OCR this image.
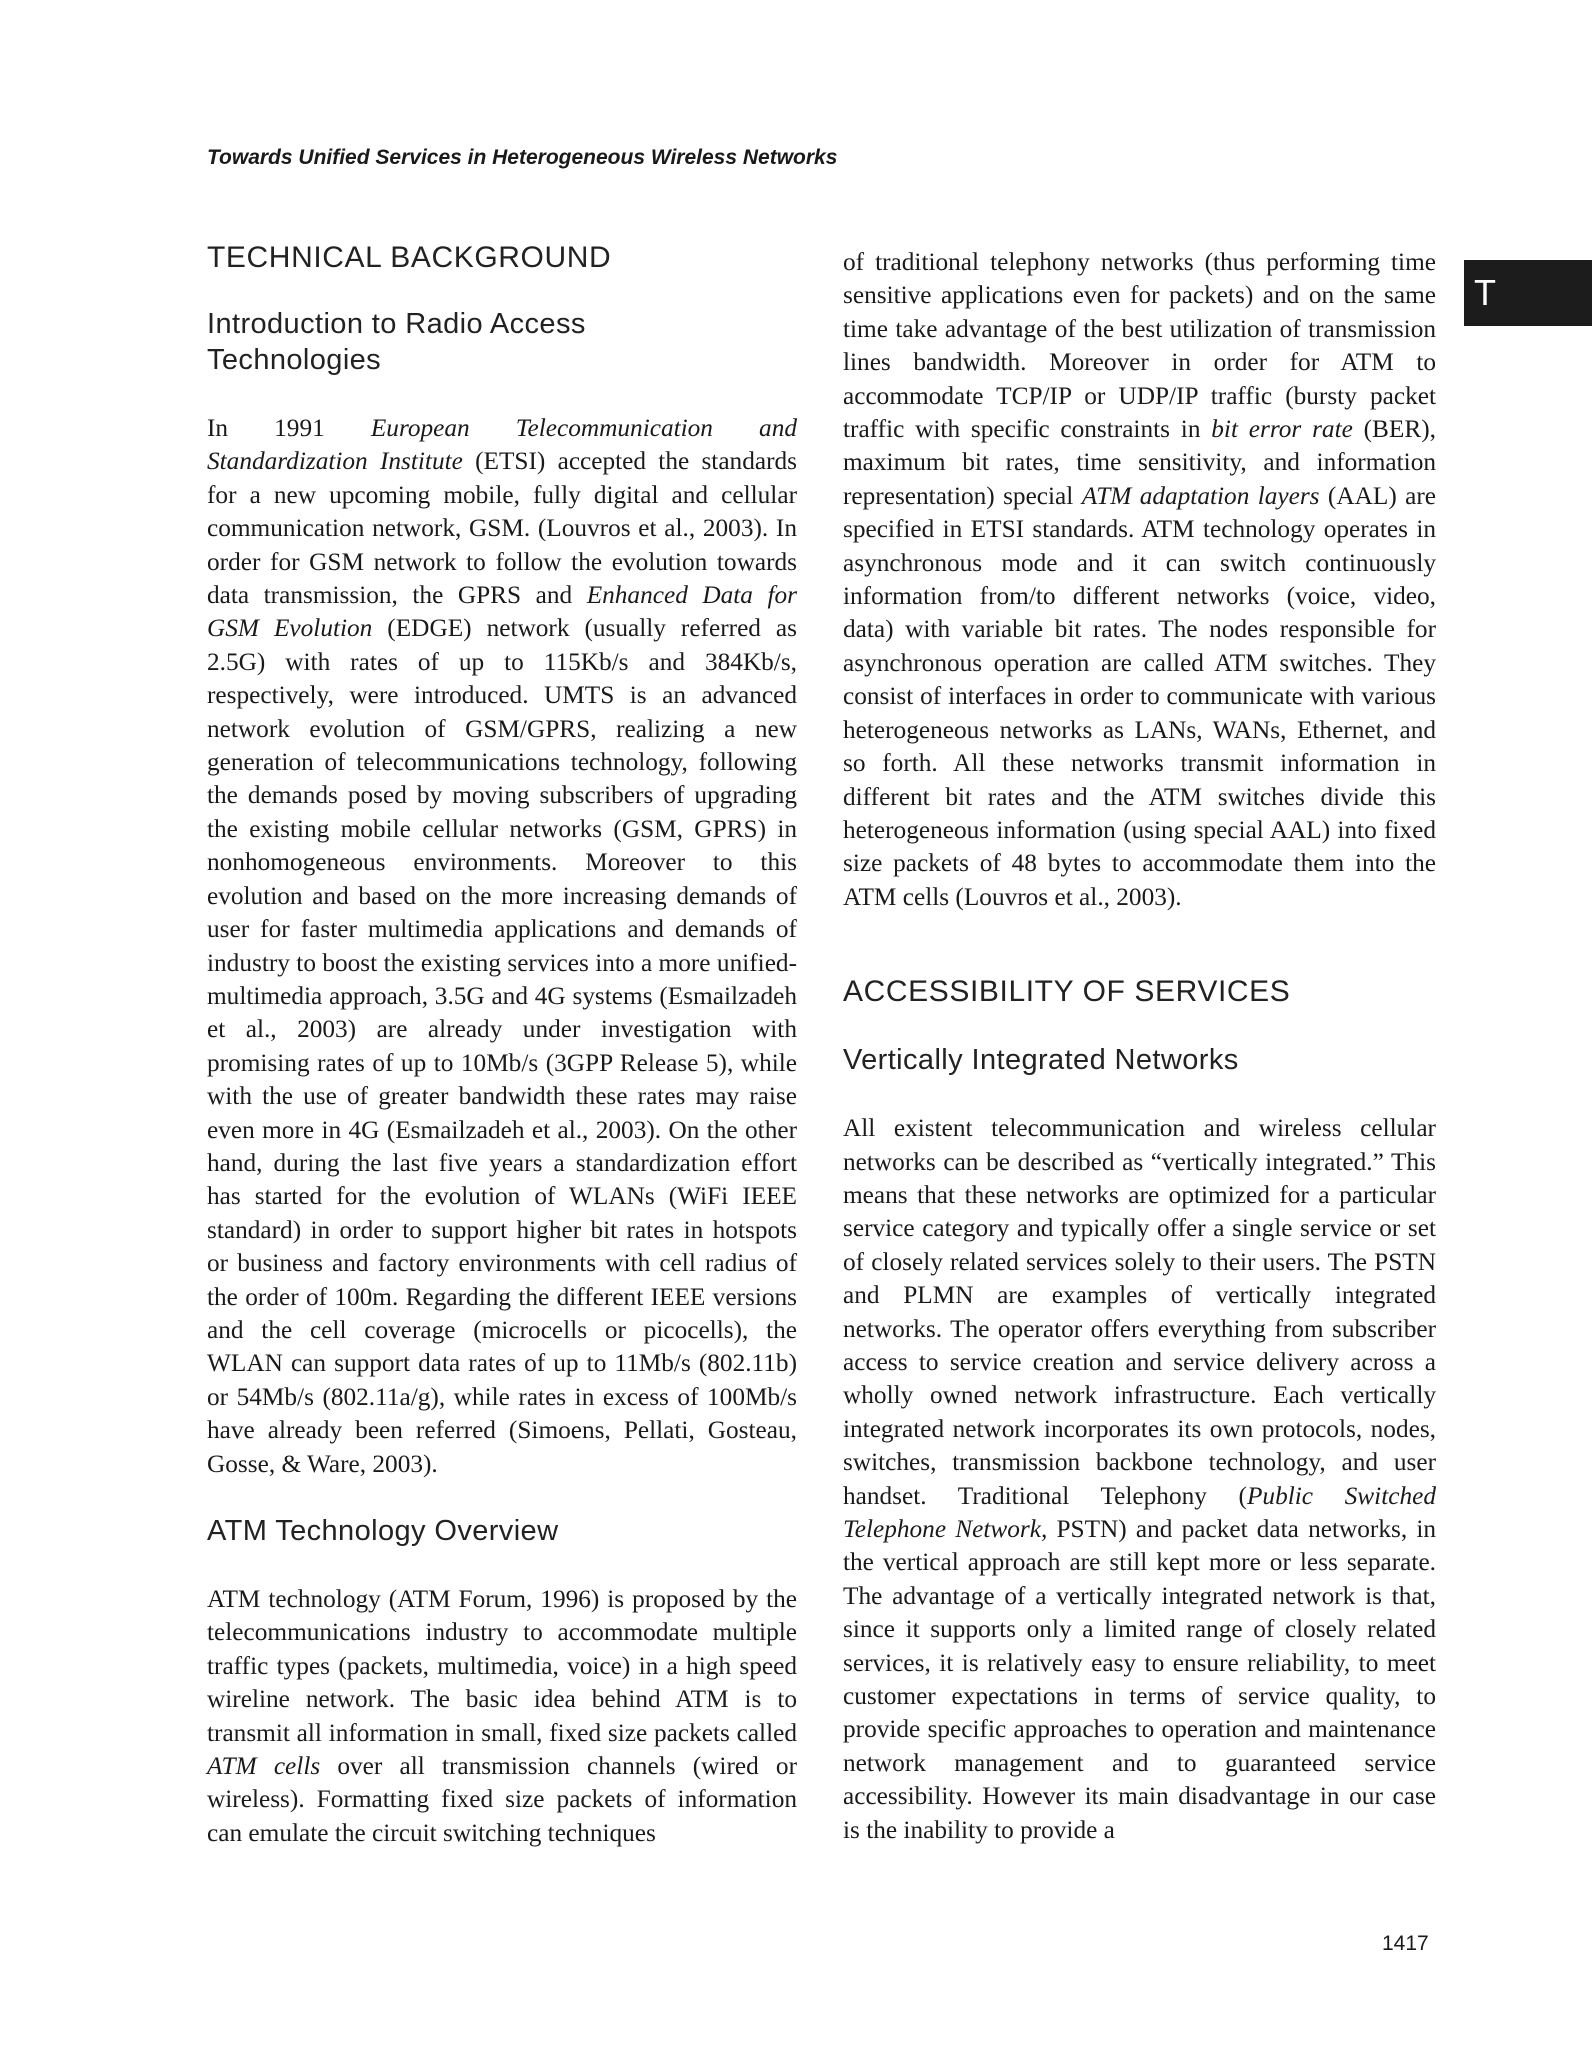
Towards Unified Services in Heterogeneous Wireless Networks
T
TECHNICAL BACKGROUND
Introduction to Radio Access Technologies

In 1991 European Telecommunication and Standardization Institute (ETSI) accepted the standards for a new upcoming mobile, fully digital and cellular communication network, GSM. (Louvros et al., 2003). In order for GSM network to follow the evolution towards data transmission, the GPRS and Enhanced Data for GSM Evolution (EDGE) network (usually referred as 2.5G) with rates of up to 115Kb/s and 384Kb/s, respectively, were introduced. UMTS is an advanced network evolution of GSM/GPRS, realizing a new generation of telecommunications technology, following the demands posed by moving subscribers of upgrading the existing mobile cellular networks (GSM, GPRS) in nonhomogeneous environments. Moreover to this evolution and based on the more increasing demands of user for faster multimedia applications and demands of industry to boost the existing services into a more unified-multimedia approach, 3.5G and 4G systems (Esmailzadeh et al., 2003) are already under investigation with promising rates of up to 10Mb/s (3GPP Release 5), while with the use of greater bandwidth these rates may raise even more in 4G (Esmailzadeh et al., 2003). On the other hand, during the last five years a standardization effort has started for the evolution of WLANs (WiFi IEEE standard) in order to support higher bit rates in hotspots or business and factory environments with cell radius of the order of 100m. Regarding the different IEEE versions and the cell coverage (microcells or picocells), the WLAN can support data rates of up to 11Mb/s (802.11b) or 54Mb/s (802.11a/g), while rates in excess of 100Mb/s have already been referred (Simoens, Pellati, Gosteau, Gosse, & Ware, 2003).

ATM Technology Overview

ATM technology (ATM Forum, 1996) is proposed by the telecommunications industry to accommodate multiple traffic types (packets, multimedia, voice) in a high speed wireline network. The basic idea behind ATM is to transmit all information in small, fixed size packets called ATM cells over all transmission channels (wired or wireless). Formatting fixed size packets of information can emulate the circuit switching techniques

of traditional telephony networks (thus performing time sensitive applications even for packets) and on the same time take advantage of the best utilization of transmission lines bandwidth. Moreover in order for ATM to accommodate TCP/IP or UDP/IP traffic (bursty packet traffic with specific constraints in bit error rate (BER), maximum bit rates, time sensitivity, and information representation) special ATM adaptation layers (AAL) are specified in ETSI standards. ATM technology operates in asynchronous mode and it can switch continuously information from/to different networks (voice, video, data) with variable bit rates. The nodes responsible for asynchronous operation are called ATM switches. They consist of interfaces in order to communicate with various heterogeneous networks as LANs, WANs, Ethernet, and so forth. All these networks transmit information in different bit rates and the ATM switches divide this heterogeneous information (using special AAL) into fixed size packets of 48 bytes to accommodate them into the ATM cells (Louvros et al., 2003).

ACCESSIBILITY OF SERVICES
Vertically Integrated Networks

All existent telecommunication and wireless cellular networks can be described as “vertically integrated.” This means that these networks are optimized for a particular service category and typically offer a single service or set of closely related services solely to their users. The PSTN and PLMN are examples of vertically integrated networks. The operator offers everything from subscriber access to service creation and service delivery across a wholly owned network infrastructure. Each vertically integrated network incorporates its own protocols, nodes, switches, transmission backbone technology, and user handset. Traditional Telephony (Public Switched Telephone Network, PSTN) and packet data networks, in the vertical approach are still kept more or less separate. The advantage of a vertically integrated network is that, since it supports only a limited range of closely related services, it is relatively easy to ensure reliability, to meet customer expectations in terms of service quality, to provide specific approaches to operation and maintenance network management and to guaranteed service accessibility. However its main disadvantage in our case is the inability to provide a

1417
